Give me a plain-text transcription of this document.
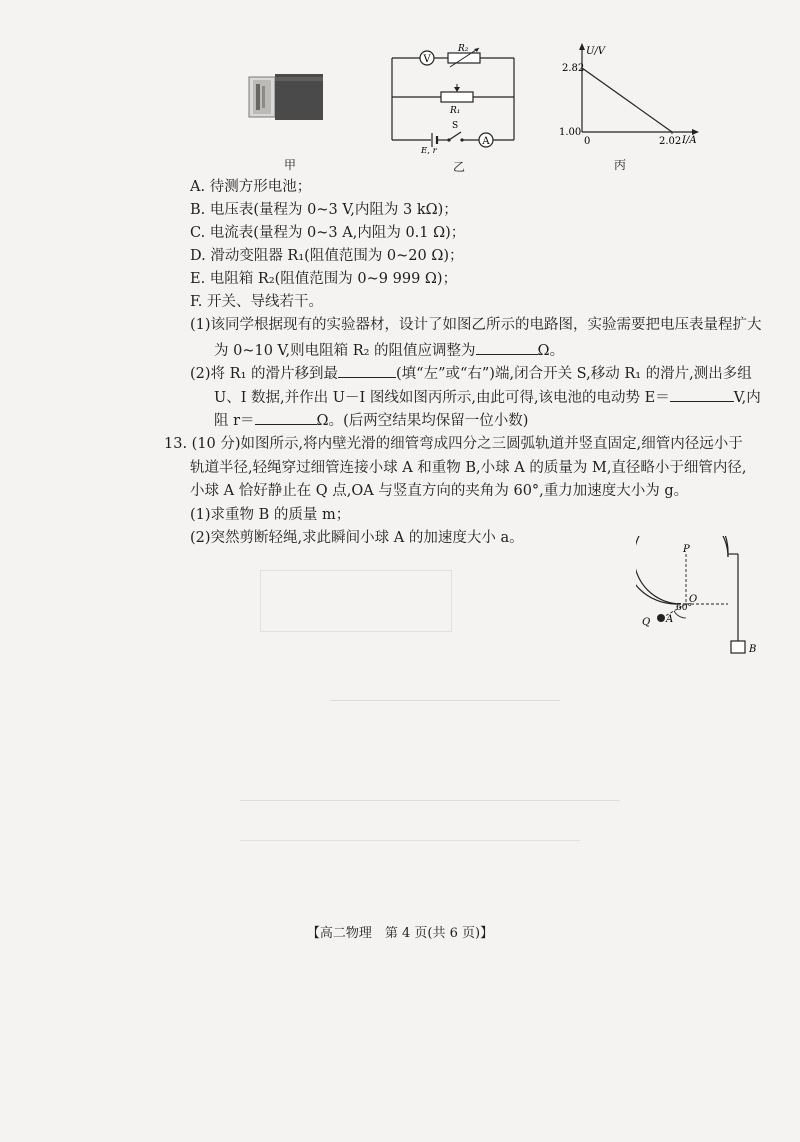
甲
V
R₂
R₁
E, r
S
A
乙
U/V
I/A
2.82
1.00
0	2.02
丙
A. 待测方形电池；
B. 电压表(量程为 0~3 V,内阻为 3 kΩ)；
C. 电流表(量程为 0~3 A,内阻为 0.1 Ω)；
D. 滑动变阻器 R₁(阻值范围为 0~20 Ω)；
E. 电阻箱 R₂(阻值范围为 0~9 999 Ω)；
F. 开关、导线若干。
(1)该同学根据现有的实验器材，设计了如图乙所示的电路图，实验需要把电压表量程扩大
为 0~10 V,则电阻箱 R₂ 的阻值应调整为	Ω。
(2)将 R₁ 的滑片移到最	(填“左”或“右”)端,闭合开关 S,移动 R₁ 的滑片,测出多组
U、I 数据,并作出 U－I 图线如图丙所示,由此可得,该电池的电动势 E＝	V,内
阻 r＝	Ω。(后两空结果均保留一位小数)
13. (10 分)如图所示,将内壁光滑的细管弯成四分之三圆弧轨道并竖直固定,细管内径远小于
轨道半径,轻绳穿过细管连接小球 A 和重物 B,小球 A 的质量为 M,直径略小于细管内径,
小球 A 恰好静止在 Q 点,OA 与竖直方向的夹角为 60°,重力加速度大小为 g。
(1)求重物 B 的质量 m；
(2)突然剪断轻绳,求此瞬间小球 A 的加速度大小 a。
P
O
60°
A
Q
B
【高二物理　第 4 页(共 6 页)】
